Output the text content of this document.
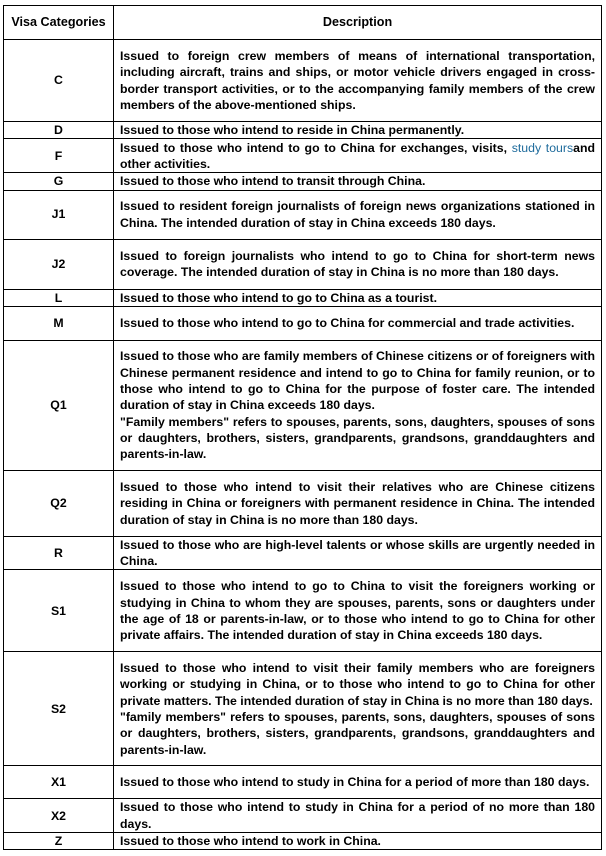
Visa Categories	Description
C	Issued to foreign crew members of means of international transportation, including aircraft, trains and ships, or motor vehicle drivers engaged in cross-border transport activities, or to the accompanying family members of the crew members of the above-mentioned ships.
D	Issued to those who intend to reside in China permanently.
F	Issued to those who intend to go to China for exchanges, visits, study toursand other activities.
G	Issued to those who intend to transit through China.
J1	Issued to resident foreign journalists of foreign news organizations stationed in China. The intended duration of stay in China exceeds 180 days.
J2	Issued to foreign journalists who intend to go to China for short-term news coverage. The intended duration of stay in China is no more than 180 days.
L	Issued to those who intend to go to China as a tourist.
M	Issued to those who intend to go to China for commercial and trade activities.
Q1	Issued to those who are family members of Chinese citizens or of foreigners with Chinese permanent residence and intend to go to China for family reunion, or to those who intend to go to China for the purpose of foster care. The intended duration of stay in China exceeds 180 days.
"Family members" refers to spouses, parents, sons, daughters, spouses of sons or daughters, brothers, sisters, grandparents, grandsons, granddaughters and parents-in-law.

Q2	Issued to those who intend to visit their relatives who are Chinese citizens residing in China or foreigners with permanent residence in China. The intended duration of stay in China is no more than 180 days.
R	Issued to those who are high-level talents or whose skills are urgently needed in China.
S1	Issued to those who intend to go to China to visit the foreigners working or studying in China to whom they are spouses, parents, sons or daughters under the age of 18 or parents-in-law, or to those who intend to go to China for other private affairs. The intended duration of stay in China exceeds 180 days.
S2	Issued to those who intend to visit their family members who are foreigners working or studying in China, or to those who intend to go to China for other private matters. The intended duration of stay in China is no more than 180 days.
"family members" refers to spouses, parents, sons, daughters, spouses of sons or daughters, brothers, sisters, grandparents, grandsons, granddaughters and parents-in-law.

X1	Issued to those who intend to study in China for a period of more than 180 days.
X2	Issued to those who intend to study in China for a period of no more than 180 days.
Z	Issued to those who intend to work in China.
